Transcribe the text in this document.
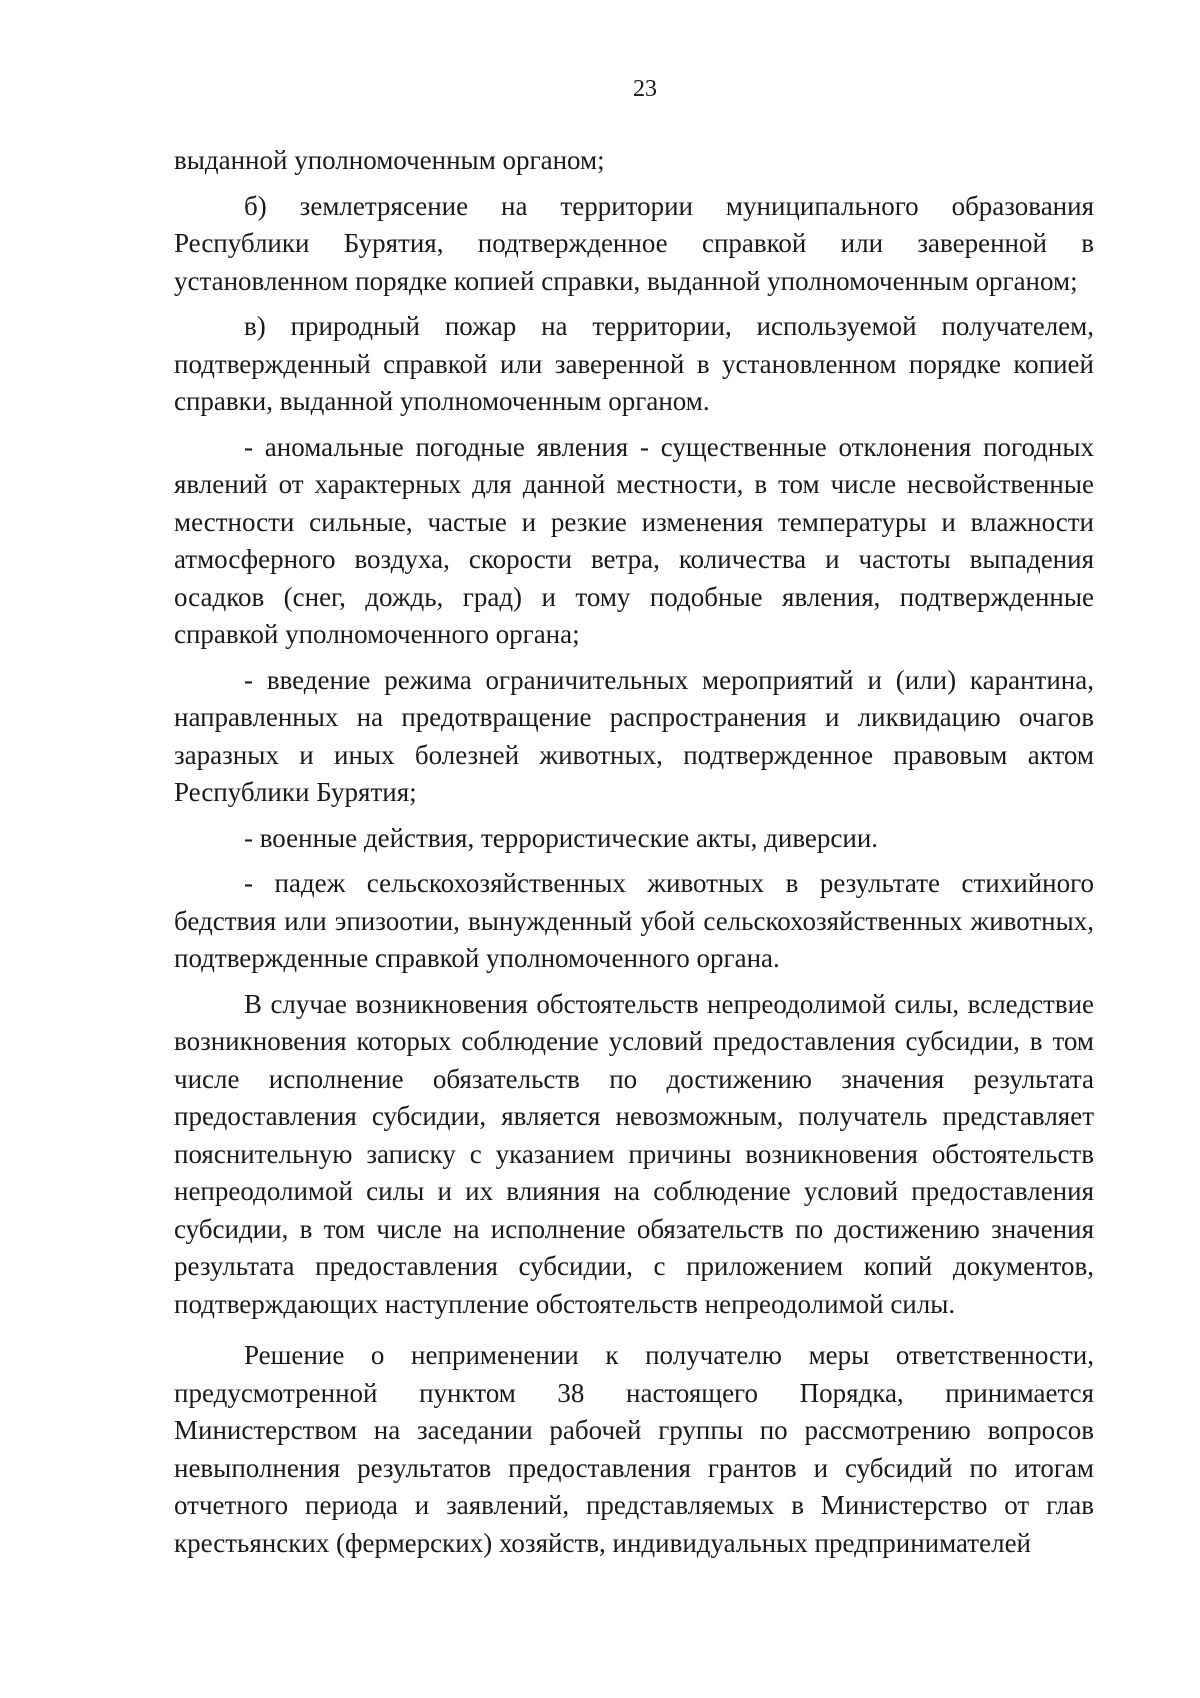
23

выданной уполномоченным органом;

б) землетрясение на территории муниципального образования Республики Бурятия, подтвержденное справкой или заверенной в установленном порядке копией справки, выданной уполномоченным органом;

в) природный пожар на территории, используемой получателем, подтвержденный справкой или заверенной в установленном порядке копией справки, выданной уполномоченным органом.

- аномальные погодные явления - существенные отклонения погодных явлений от характерных для данной местности, в том числе несвойственные местности сильные, частые и резкие изменения температуры и влажности атмосферного воздуха, скорости ветра, количества и частоты выпадения осадков (снег, дождь, град) и тому подобные явления, подтвержденные справкой уполномоченного органа;

- введение режима ограничительных мероприятий и (или) карантина, направленных на предотвращение распространения и ликвидацию очагов заразных и иных болезней животных, подтвержденное правовым актом Республики Бурятия;

- военные действия, террористические акты, диверсии.

- падеж сельскохозяйственных животных в результате стихийного бедствия или эпизоотии, вынужденный убой сельскохозяйственных животных, подтвержденные справкой уполномоченного органа.

В случае возникновения обстоятельств непреодолимой силы, вследствие возникновения которых соблюдение условий предоставления субсидии, в том числе исполнение обязательств по достижению значения результата предоставления субсидии, является невозможным, получатель представляет пояснительную записку с указанием причины возникновения обстоятельств непреодолимой силы и их влияния на соблюдение условий предоставления субсидии, в том числе на исполнение обязательств по достижению значения результата предоставления субсидии, с приложением копий документов, подтверждающих наступление обстоятельств непреодолимой силы.

Решение о неприменении к получателю меры ответственности, предусмотренной пунктом 38 настоящего Порядка, принимается Министерством на заседании рабочей группы по рассмотрению вопросов невыполнения результатов предоставления грантов и субсидий по итогам отчетного периода и заявлений, представляемых в Министерство от глав крестьянских (фермерских) хозяйств, индивидуальных предпринимателей
